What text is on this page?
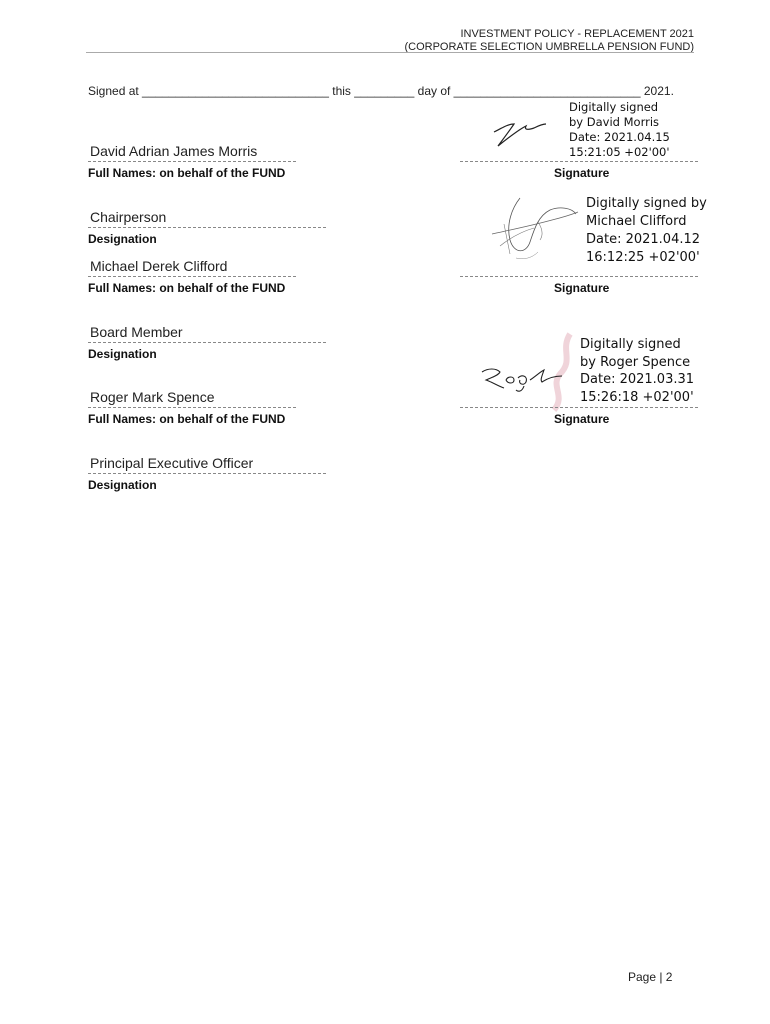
INVESTMENT POLICY - REPLACEMENT 2021
(CORPORATE SELECTION UMBRELLA PENSION FUND)
Signed at ____________________________ this _________ day of ____________________________ 2021.
David Adrian James Morris
Full Names: on behalf of the FUND
Digitally signed
by David Morris
Date: 2021.04.15
15:21:05 +02'00'
Signature
Chairperson
Designation
Michael Derek Clifford
Full Names: on behalf of the FUND
Digitally signed by
Michael Clifford
Date: 2021.04.12
16:12:25 +02'00'
Signature
Board Member
Designation
Roger Mark Spence
Full Names: on behalf of the FUND
Digitally signed
by Roger Spence
Date: 2021.03.31
15:26:18 +02'00'
Signature
Principal Executive Officer
Designation
Page | 2
